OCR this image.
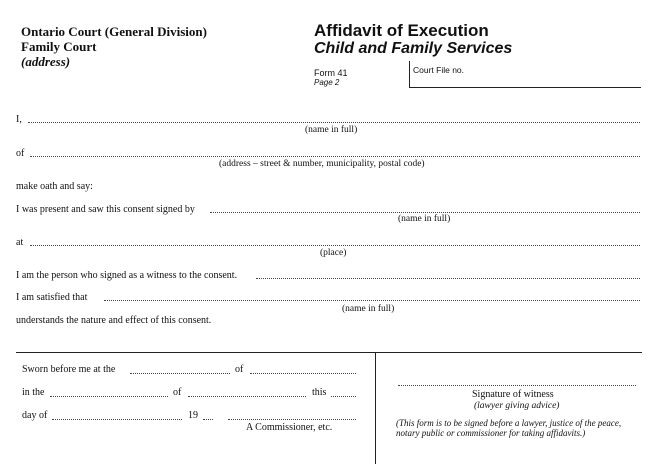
Ontario Court (General Division)
Family Court
(address)
Affidavit of Execution
Child and Family Services
Form 41
Page 2
Court File no.
I,
(name in full)
of
(address – street & number, municipality, postal code)
make oath and say:
I was present and saw this consent signed by
(name in full)
at
(place)
I am the person who signed as a witness to the consent.
I am satisfied that
(name in full)
understands the nature and effect of this consent.
Sworn before me at the	of
in the	of	this
day of	19
A Commissioner, etc.
Signature of witness
(lawyer giving advice)
(This form is to be signed before a lawyer, justice of the peace, notary public or commissioner for taking affidavits.)
